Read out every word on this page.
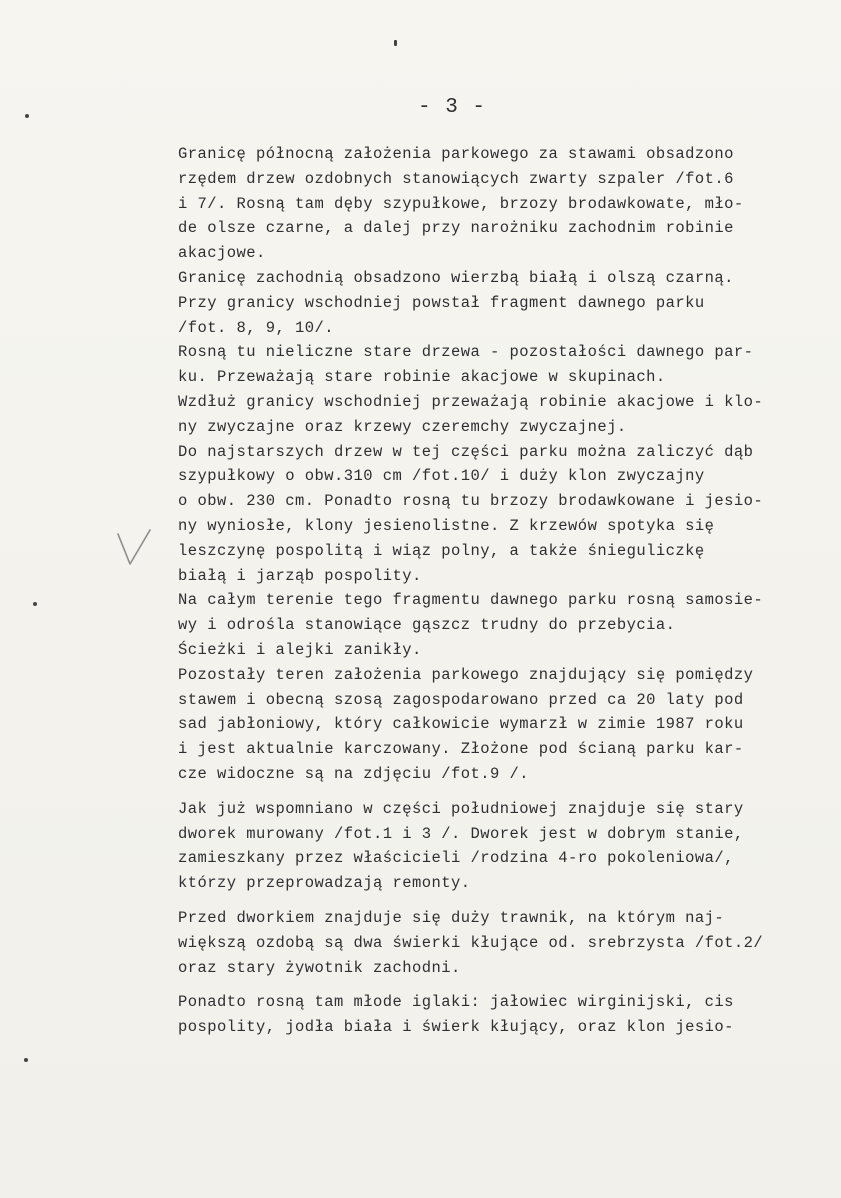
- 3 -
Granicę północną założenia parkowego za stawami obsadzono
rzędem drzew ozdobnych stanowiących zwarty szpaler /fot.6
i 7/. Rosną tam dęby szypułkowe, brzozy brodawkowate, mło-
de olsze czarne, a dalej przy narożniku zachodnim robinie
akacjowe.
Granicę zachodnią obsadzono wierzbą białą i olszą czarną.
Przy granicy wschodniej powstał fragment dawnego parku
/fot. 8, 9, 10/.
Rosną tu nieliczne stare drzewa - pozostałości dawnego par-
ku. Przeważają stare robinie akacjowe w skupinach.
Wzdłuż granicy wschodniej przeważają robinie akacjowe i klo-
ny zwyczajne oraz krzewy czeremchy zwyczajnej.
Do najstarszych drzew w tej części parku można zaliczyć dąb
szypułkowy o obw.310 cm /fot.10/ i duży klon zwyczajny
o obw. 230 cm. Ponadto rosną tu brzozy brodawkowane i jesio-
ny wyniosłe, klony jesienolistne. Z krzewów spotyka się
leszczynę pospolitą i wiąz polny, a także śnieguliczkę
białą i jarząb pospolity.
Na całym terenie tego fragmentu dawnego parku rosną samosie-
wy i odrośla stanowiące gąszcz trudny do przebycia.
Ścieżki i alejki zanikły.
Pozostały teren założenia parkowego znajdujący się pomiędzy
stawem i obecną szosą zagospodarowano przed ca 20 laty pod
sad jabłoniowy, który całkowicie wymarzł w zimie 1987 roku
i jest aktualnie karczowany. Złożone pod ścianą parku kar-
cze widoczne są na zdjęciu /fot.9 /.
Jak już wspomniano w części południowej znajduje się stary
dworek murowany /fot.1 i 3 /. Dworek jest w dobrym stanie,
zamieszkany przez właścicieli /rodzina 4-ro pokoleniowa/,
którzy przeprowadzają remonty.
Przed dworkiem znajduje się duży trawnik, na którym naj-
większą ozdobą są dwa świerki kłujące od. srebrzysta /fot.2/
oraz stary żywotnik zachodni.
Ponadto rosną tam młode iglaki: jałowiec wirginijski, cis
pospolity, jodła biała i świerk kłujący, oraz klon jesio-
